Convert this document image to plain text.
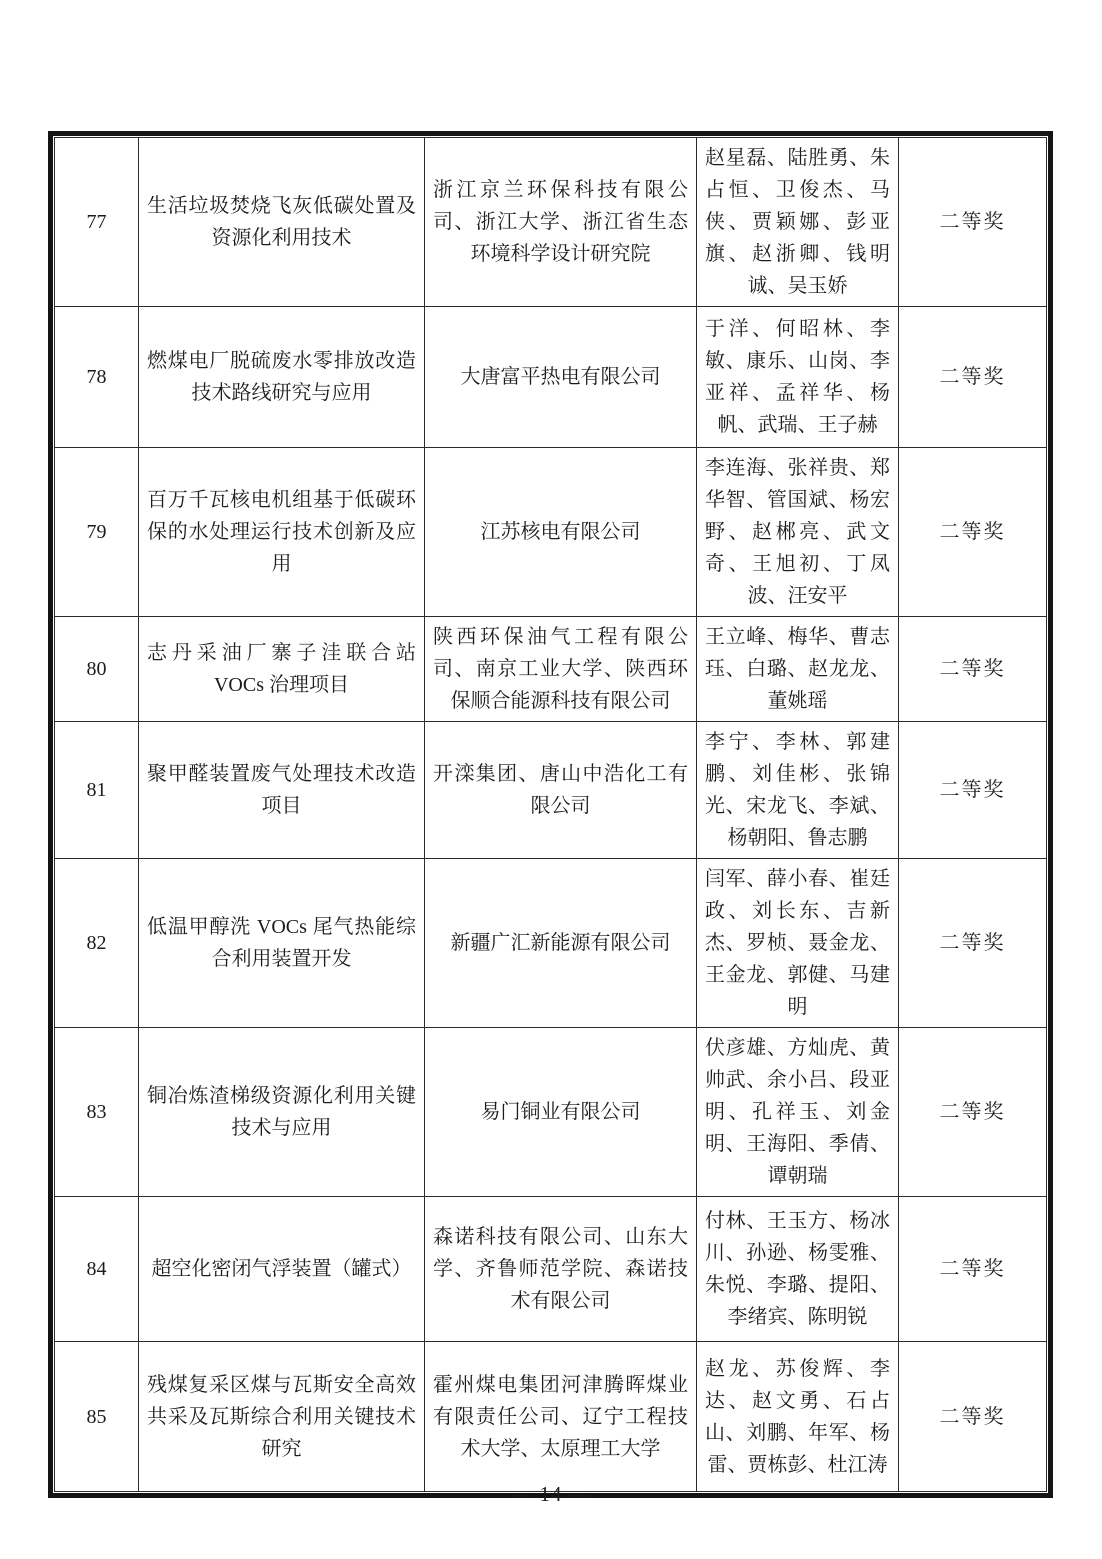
77	生活垃圾焚烧飞灰低碳处置及资源化利用技术	浙江京兰环保科技有限公司、浙江大学、浙江省生态环境科学设计研究院	赵星磊、陆胜勇、朱占恒、卫俊杰、马侠、贾颖娜、彭亚旗、赵浙卿、钱明诚、吴玉娇	二等奖
78	燃煤电厂脱硫废水零排放改造技术路线研究与应用	大唐富平热电有限公司	于洋、何昭林、李敏、康乐、山岗、李亚祥、孟祥华、杨帆、武瑞、王子赫	二等奖
79	百万千瓦核电机组基于低碳环保的水处理运行技术创新及应用	江苏核电有限公司	李连海、张祥贵、郑华智、管国斌、杨宏野、赵郴亮、武文奇、王旭初、丁凤波、汪安平	二等奖
80	志丹采油厂寨子洼联合站 VOCs 治理项目	陕西环保油气工程有限公司、南京工业大学、陕西环保顺合能源科技有限公司	王立峰、梅华、曹志珏、白璐、赵龙龙、董姚瑶	二等奖
81	聚甲醛装置废气处理技术改造项目	开滦集团、唐山中浩化工有限公司	李宁、李林、郭建鹏、刘佳彬、张锦光、宋龙飞、李斌、杨朝阳、鲁志鹏	二等奖
82	低温甲醇洗 VOCs 尾气热能综合利用装置开发	新疆广汇新能源有限公司	闫军、薛小春、崔廷政、刘长东、吉新杰、罗桢、聂金龙、王金龙、郭健、马建明	二等奖
83	铜冶炼渣梯级资源化利用关键技术与应用	易门铜业有限公司	伏彦雄、方灿虎、黄帅武、余小吕、段亚明、孔祥玉、刘金明、王海阳、季倩、谭朝瑞	二等奖
84	超空化密闭气浮装置（罐式）	森诺科技有限公司、山东大学、齐鲁师范学院、森诺技术有限公司	付林、王玉方、杨冰川、孙逊、杨雯雅、朱悦、李璐、提阳、李绪宾、陈明锐	二等奖
85	残煤复采区煤与瓦斯安全高效共采及瓦斯综合利用关键技术研究	霍州煤电集团河津腾晖煤业有限责任公司、辽宁工程技术大学、太原理工大学	赵龙、苏俊辉、李达、赵文勇、石占山、刘鹏、年军、杨雷、贾栋彭、杜江涛	二等奖
— 14 —
